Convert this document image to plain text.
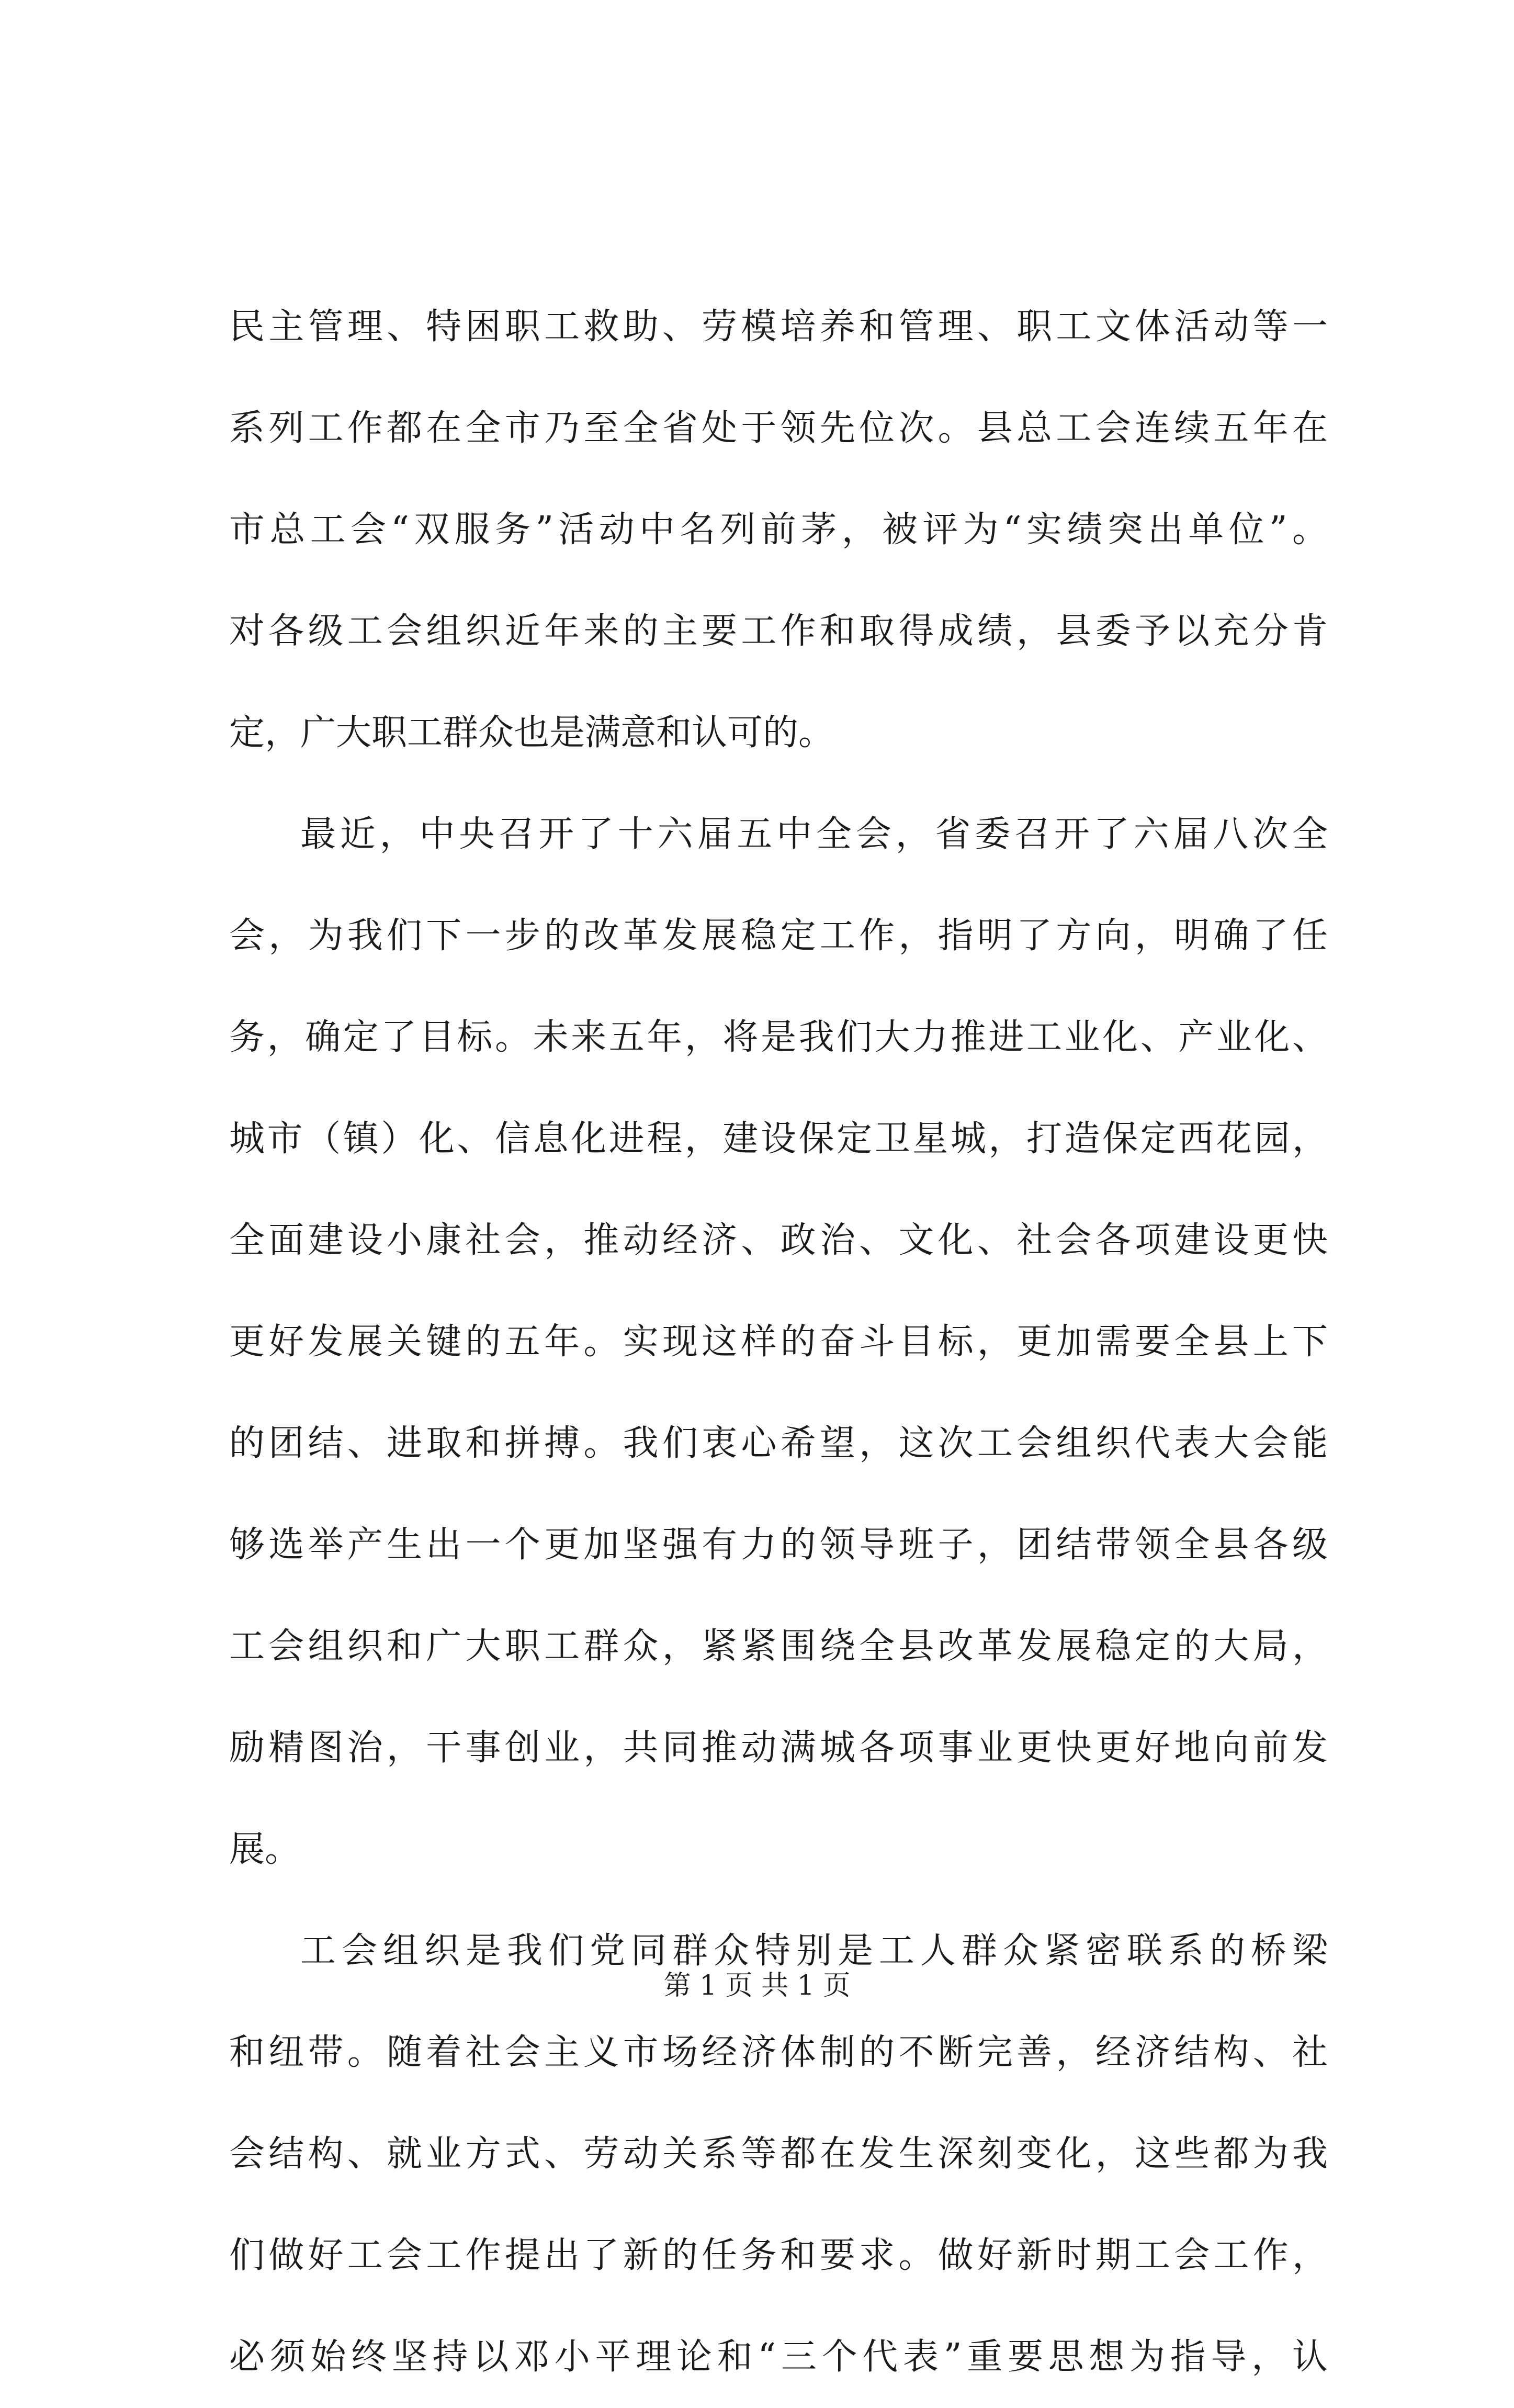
民主管理、特困职工救助、劳模培养和管理、职工文体活动等一
系列工作都在全市乃至全省处于领先位次。县总工会连续五年在
市总工会“双服务”活动中名列前茅，被评为“实绩突出单位”。
对各级工会组织近年来的主要工作和取得成绩，县委予以充分肯
定，广大职工群众也是满意和认可的。
最近，中央召开了十六届五中全会，省委召开了六届八次全
会，为我们下一步的改革发展稳定工作，指明了方向，明确了任
务，确定了目标。未来五年，将是我们大力推进工业化、产业化、
城市（镇）化、信息化进程，建设保定卫星城，打造保定西花园，
全面建设小康社会，推动经济、政治、文化、社会各项建设更快
更好发展关键的五年。实现这样的奋斗目标，更加需要全县上下
的团结、进取和拼搏。我们衷心希望，这次工会组织代表大会能
够选举产生出一个更加坚强有力的领导班子，团结带领全县各级
工会组织和广大职工群众，紧紧围绕全县改革发展稳定的大局，
励精图治，干事创业，共同推动满城各项事业更快更好地向前发
展。
工会组织是我们党同群众特别是工人群众紧密联系的桥梁
和纽带。随着社会主义市场经济体制的不断完善，经济结构、社
会结构、就业方式、劳动关系等都在发生深刻变化，这些都为我
们做好工会工作提出了新的任务和要求。做好新时期工会工作，
必须始终坚持以邓小平理论和“三个代表”重要思想为指导，认
第 1 页 共 1 页
